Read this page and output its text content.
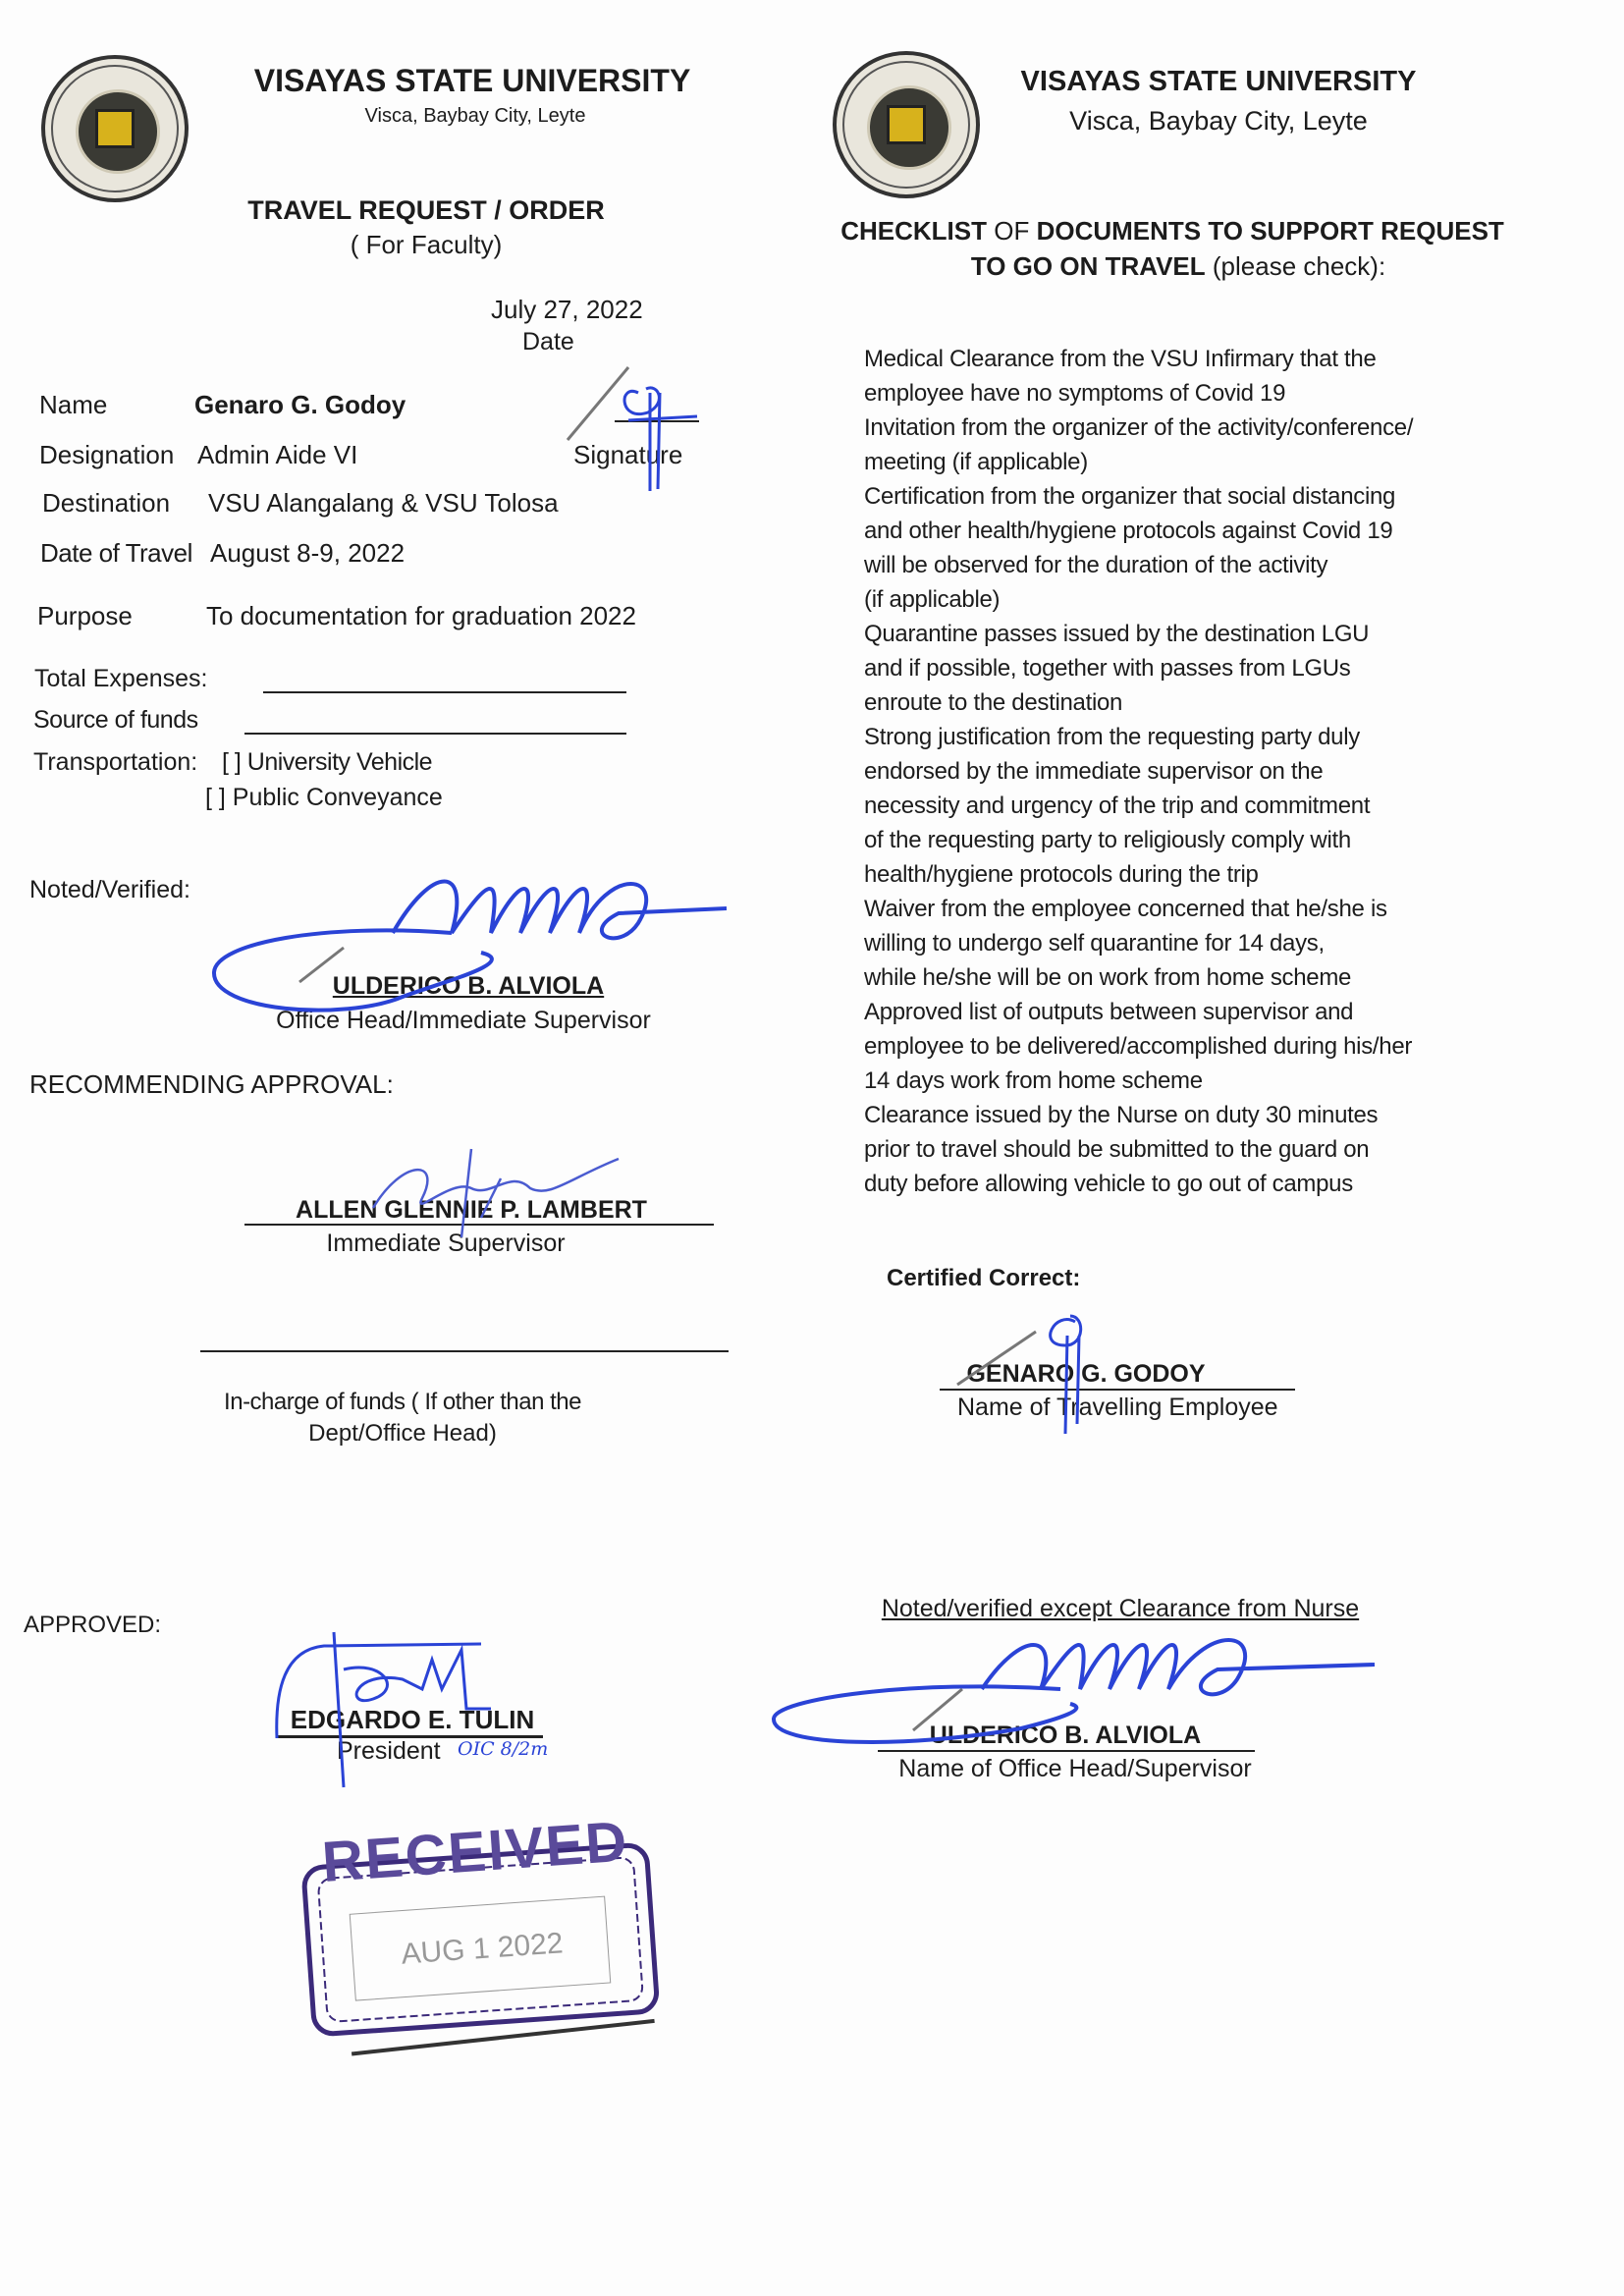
VISAYAS STATE UNIVERSITY
Visca, Baybay City, Leyte
TRAVEL REQUEST / ORDER
( For Faculty)
July 27, 2022
Date
Name	Genaro G. Godoy
Signature
Designation Admin Aide VI
Destination VSU Alangalang & VSU Tolosa
Date of Travel August 8-9, 2022
Purpose	To documentation for graduation 2022
Total Expenses:
Source of funds
Transportation: [ ] University Vehicle
[ ] Public Conveyance
Noted/Verified:
ULDERICO B. ALVIOLA
Office Head/Immediate Supervisor
RECOMMENDING APPROVAL:
ALLEN GLENNIE P. LAMBERT
Immediate Supervisor
In-charge of funds ( If other than the
Dept/Office Head)
APPROVED:
EDGARDO E. TULIN
President OIC 8/2m
RECEIVED
AUG 1 2022
VISAYAS STATE UNIVERSITY
Visca, Baybay City, Leyte
CHECKLIST OF DOCUMENTS TO SUPPORT REQUEST
TO GO ON TRAVEL (please check):
Medical Clearance from the VSU Infirmary that the
employee have no symptoms of Covid 19
Invitation from the organizer of the activity/conference/
meeting (if applicable)
Certification from the organizer that social distancing
and other health/hygiene protocols against Covid 19
will be observed for the duration of the activity
(if applicable)
Quarantine passes issued by the destination LGU
and if possible, together with passes from LGUs
enroute to the destination
Strong justification from the requesting party duly
endorsed by the immediate supervisor on the
necessity and urgency of the trip and commitment
of the requesting party to religiously comply with
health/hygiene protocols during the trip
Waiver from the employee concerned that he/she is
willing to undergo self quarantine for 14 days,
while he/she will be on work from home scheme
Approved list of outputs between supervisor and
employee to be delivered/accomplished during his/her
14 days work from home scheme
Clearance issued by the Nurse on duty 30 minutes
prior to travel should be submitted to the guard on
duty before allowing vehicle to go out of campus
Certified Correct:
GENARO G. GODOY
Name of Travelling Employee
Noted/verified except Clearance from Nurse
ULDERICO B. ALVIOLA
Name of Office Head/Supervisor
